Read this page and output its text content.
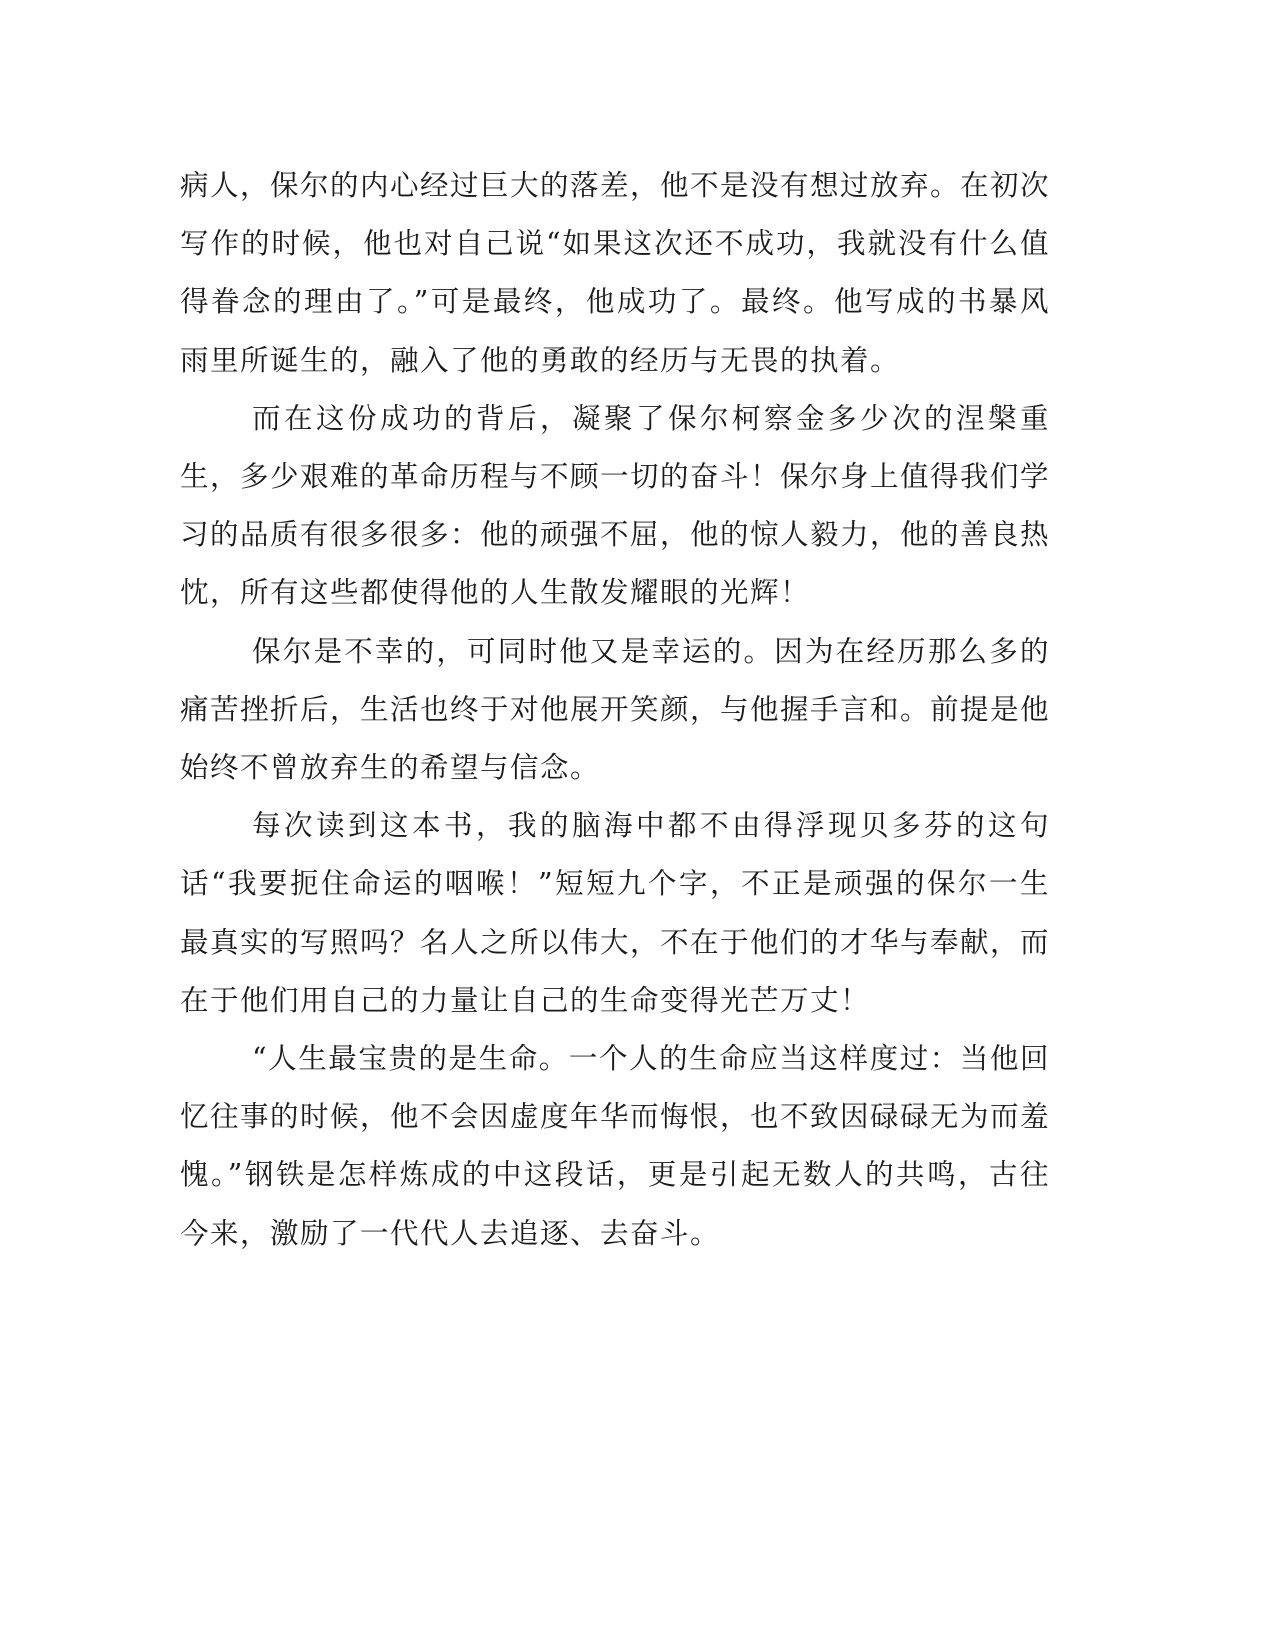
病人，保尔的内心经过巨大的落差，他不是没有想过放弃。在初次写作的时候，他也对自己说“如果这次还不成功，我就没有什么值得眷念的理由了。”可是最终，他成功了。最终。他写成的书暴风雨里所诞生的，融入了他的勇敢的经历与无畏的执着。

而在这份成功的背后，凝聚了保尔柯察金多少次的涅槃重生，多少艰难的革命历程与不顾一切的奋斗！保尔身上值得我们学习的品质有很多很多：他的顽强不屈，他的惊人毅力，他的善良热忱，所有这些都使得他的人生散发耀眼的光辉！

保尔是不幸的，可同时他又是幸运的。因为在经历那么多的痛苦挫折后，生活也终于对他展开笑颜，与他握手言和。前提是他始终不曾放弃生的希望与信念。

每次读到这本书，我的脑海中都不由得浮现贝多芬的这句话“我要扼住命运的咽喉！”短短九个字，不正是顽强的保尔一生最真实的写照吗？名人之所以伟大，不在于他们的才华与奉献，而在于他们用自己的力量让自己的生命变得光芒万丈！

“人生最宝贵的是生命。一个人的生命应当这样度过：当他回忆往事的时候，他不会因虚度年华而悔恨，也不致因碌碌无为而羞愧。”钢铁是怎样炼成的中这段话，更是引起无数人的共鸣，古往今来，激励了一代代人去追逐、去奋斗。
